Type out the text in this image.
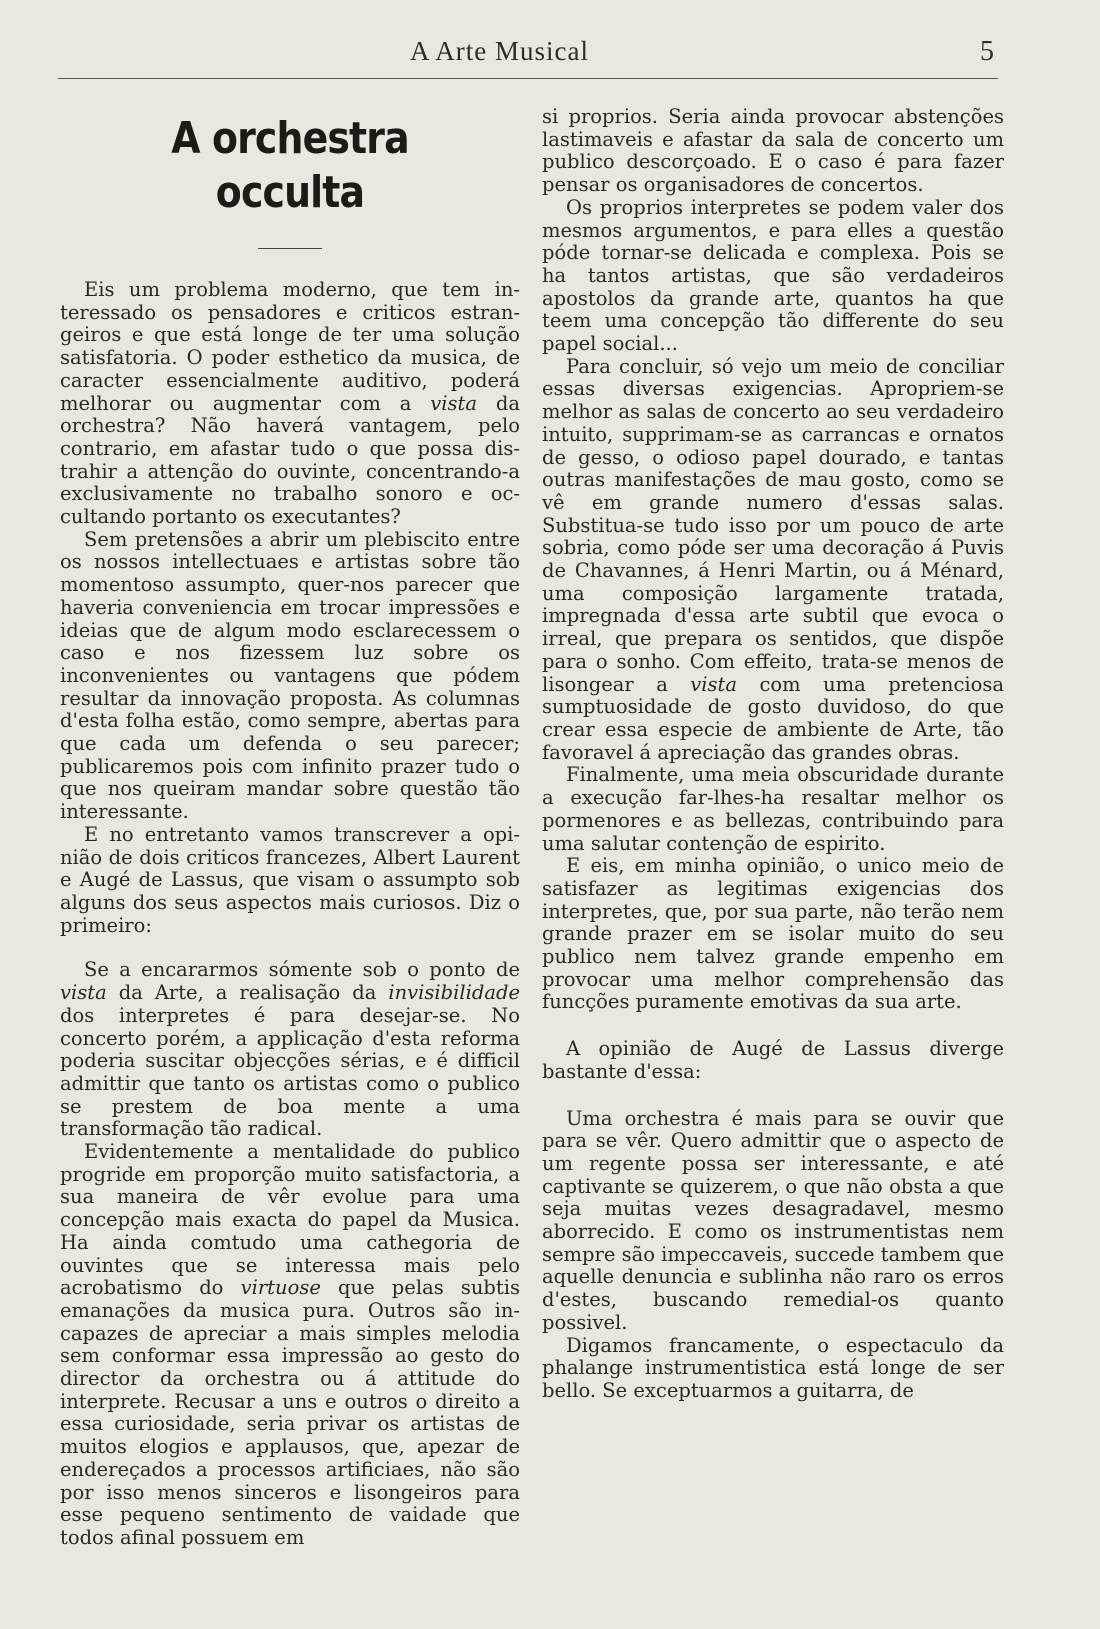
A Arte Musical	5
A orchestra occulta

Eis um problema moderno, que tem interessado os pensadores e criticos estrangeiros e que está longe de ter uma solução satisfatoria. O poder esthetico da musica, de caracter essencialmente auditivo, poderá melhorar ou augmentar com a vista da orchestra? Não haverá vantagem, pelo contrario, em afastar tudo o que possa distrahir a attenção do ouvinte, concentrando-a exclusivamente no trabalho sonoro e occultando portanto os executantes?

Sem pretensões a abrir um plebiscito entre os nossos intellectuaes e artistas sobre tão momentoso assumpto, quer-nos parecer que haveria conveniencia em trocar impressões e ideias que de algum modo esclarecessem o caso e nos fizessem luz sobre os inconvenientes ou vantagens que pódem resultar da innovação proposta. As columnas d'esta folha estão, como sempre, abertas para que cada um defenda o seu parecer; publicaremos pois com infinito prazer tudo o que nos queiram mandar sobre questão tão interessante.

E no entretanto vamos transcrever a opinião de dois criticos francezes, Albert Laurent e Augé de Lassus, que visam o assumpto sob alguns dos seus aspectos mais curiosos. Diz o primeiro:

Se a encararmos sómente sob o ponto de vista da Arte, a realisação da invisibilidade dos interpretes é para desejar-se. No concerto porém, a applicação d'esta reforma poderia suscitar objecções sérias, e é difficil admittir que tanto os artistas como o publico se prestem de boa mente a uma transformação tão radical.

Evidentemente a mentalidade do publico progride em proporção muito satisfactoria, a sua maneira de vêr evolue para uma concepção mais exacta do papel da Musica. Ha ainda comtudo uma cathegoria de ouvintes que se interessa mais pelo acrobatismo do virtuose que pelas subtis emanações da musica pura. Outros são incapazes de apreciar a mais simples melodia sem conformar essa impressão ao gesto do director da orchestra ou á attitude do interprete. Recusar a uns e outros o direito a essa curiosidade, seria privar os artistas de muitos elogios e applausos, que, apezar de endereçados a processos artificiaes, não são por isso menos sinceros e lisongeiros para esse pequeno sentimento de vaidade que todos afinal possuem em

si proprios. Seria ainda provocar abstenções lastimaveis e afastar da sala de concerto um publico descorçoado. E o caso é para fazer pensar os organisadores de concertos.

Os proprios interpretes se podem valer dos mesmos argumentos, e para elles a questão póde tornar-se delicada e complexa. Pois se ha tantos artistas, que são verdadeiros apostolos da grande arte, quantos ha que teem uma concepção tão differente do seu papel social...

Para concluir, só vejo um meio de conciliar essas diversas exigencias. Apropriem-se melhor as salas de concerto ao seu verdadeiro intuito, supprimam-se as carrancas e ornatos de gesso, o odioso papel dourado, e tantas outras manifestações de mau gosto, como se vê em grande numero d'essas salas. Substitua-se tudo isso por um pouco de arte sobria, como póde ser uma decoração á Puvis de Chavannes, á Henri Martin, ou á Ménard, uma composição largamente tratada, impregnada d'essa arte subtil que evoca o irreal, que prepara os sentidos, que dispõe para o sonho. Com effeito, trata-se menos de lisongear a vista com uma pretenciosa sumptuosidade de gosto duvidoso, do que crear essa especie de ambiente de Arte, tão favoravel á apreciação das grandes obras.

Finalmente, uma meia obscuridade durante a execução far-lhes-ha resaltar melhor os pormenores e as bellezas, contribuindo para uma salutar contenção de espirito.

E eis, em minha opinião, o unico meio de satisfazer as legitimas exigencias dos interpretes, que, por sua parte, não terão nem grande prazer em se isolar muito do seu publico nem talvez grande empenho em provocar uma melhor comprehensão das funcções puramente emotivas da sua arte.

A opinião de Augé de Lassus diverge bastante d'essa:

Uma orchestra é mais para se ouvir que para se vêr. Quero admittir que o aspecto de um regente possa ser interessante, e até captivante se quizerem, o que não obsta a que seja muitas vezes desagradavel, mesmo aborrecido. E como os instrumentistas nem sempre são impeccaveis, succede tambem que aquelle denuncia e sublinha não raro os erros d'estes, buscando remedial-os quanto possivel.

Digamos francamente, o espectaculo da phalange instrumentistica está longe de ser bello. Se exceptuarmos a guitarra, de
